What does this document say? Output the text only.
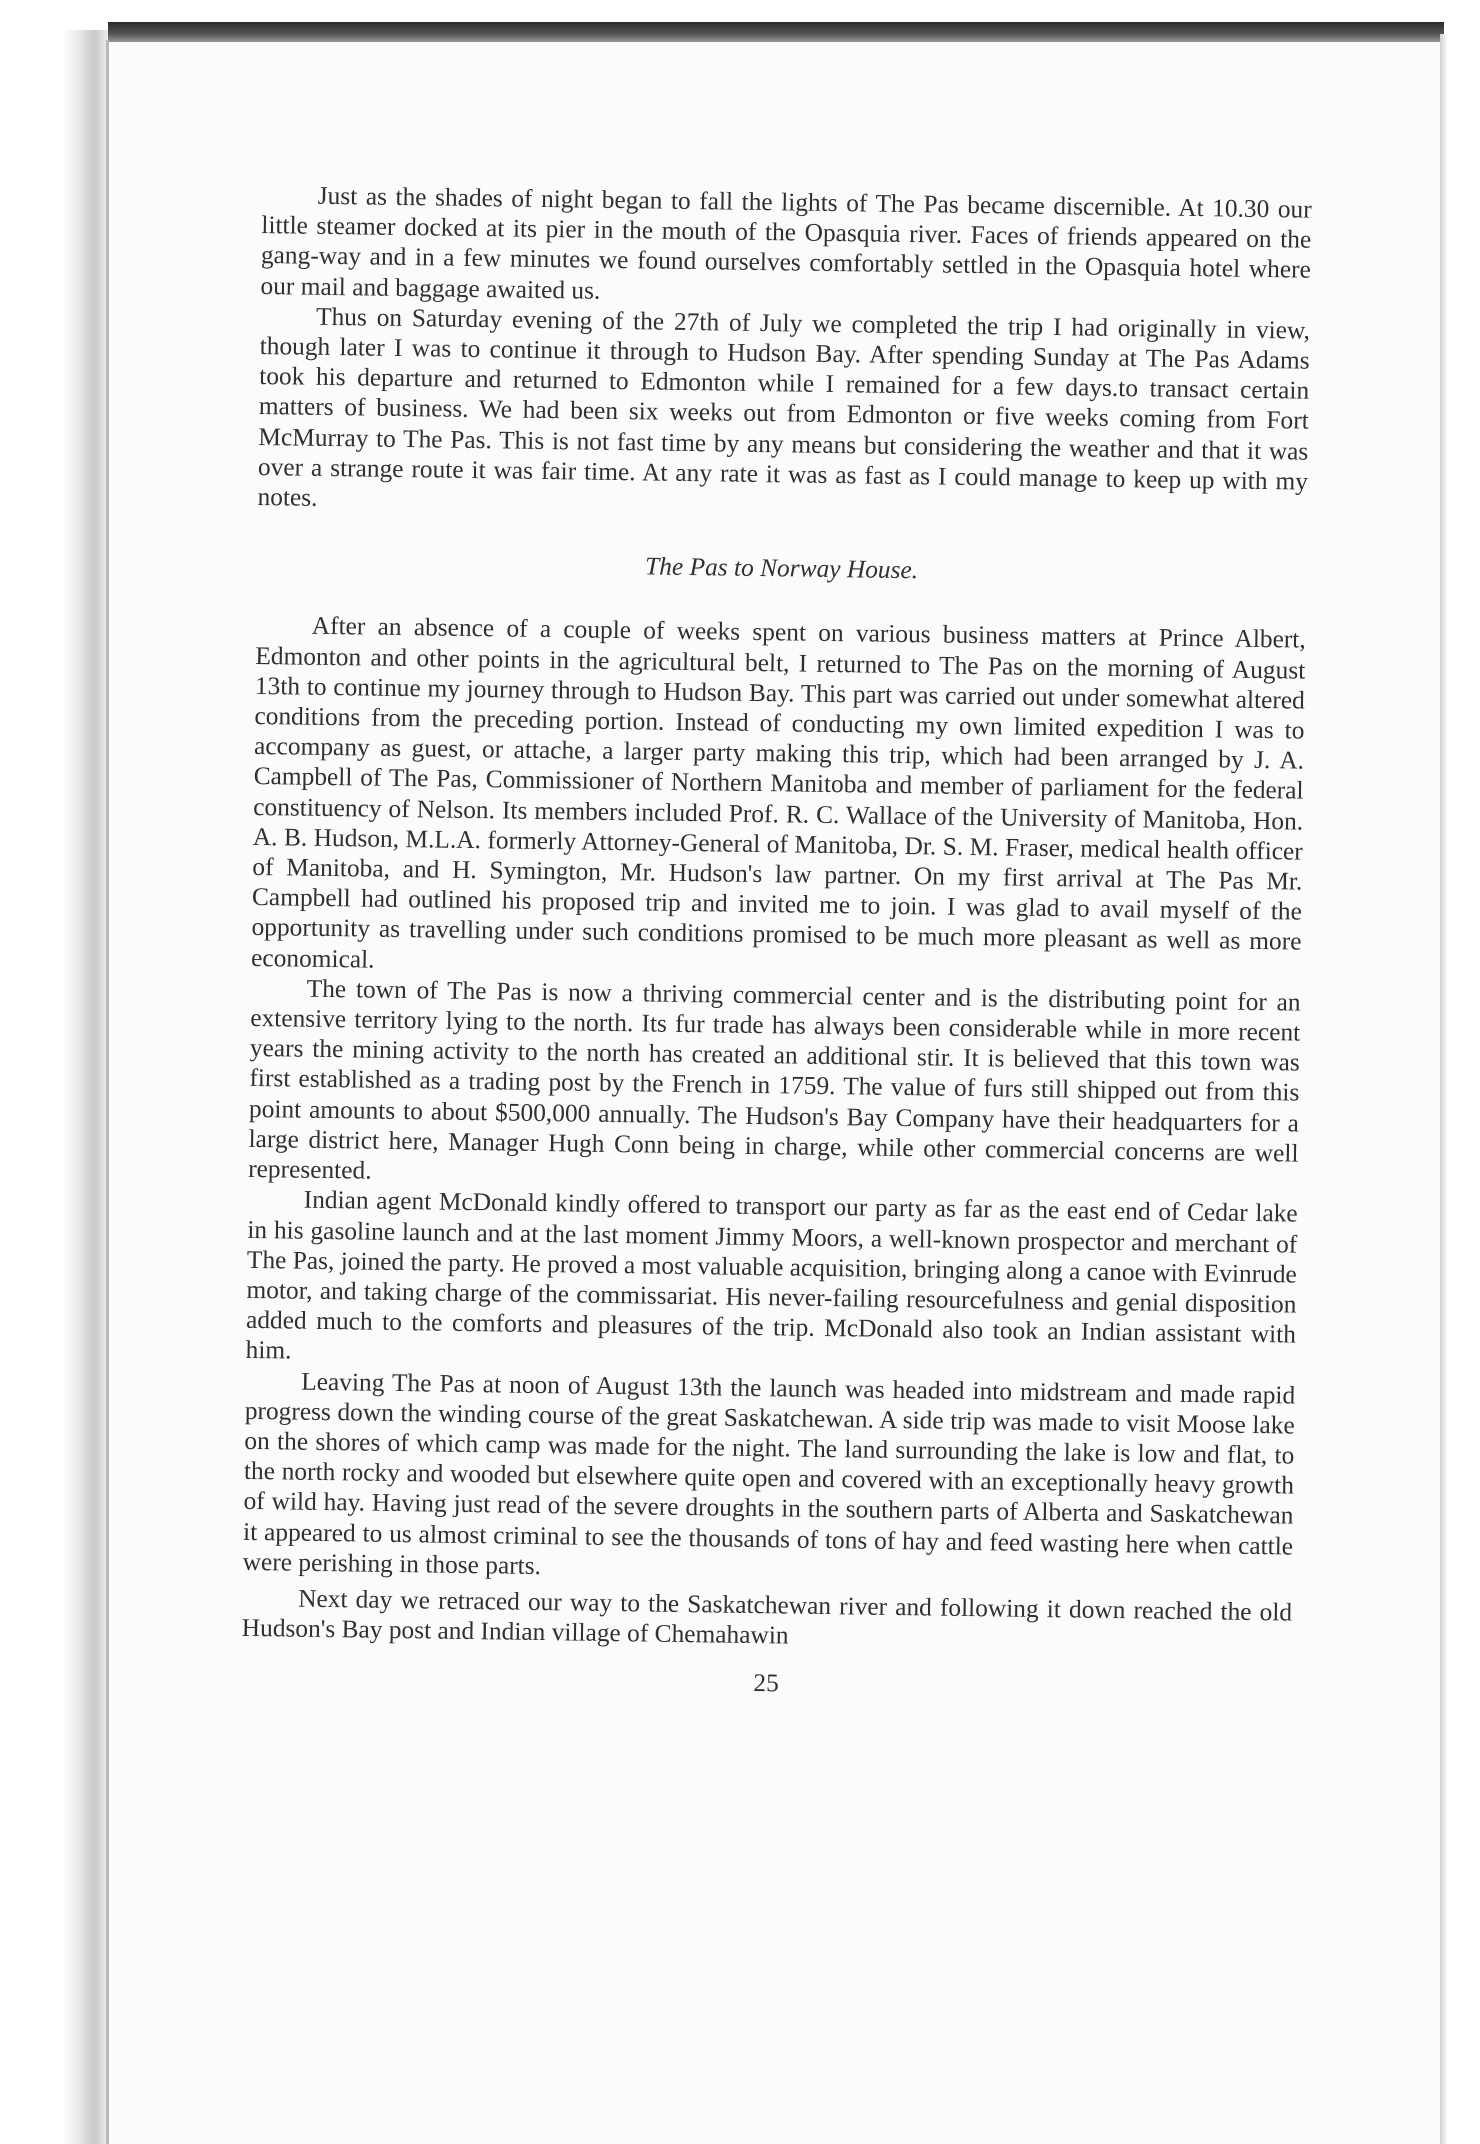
Just as the shades of night began to fall the lights of The Pas became discernible. At 10.30 our little steamer docked at its pier in the mouth of the Opasquia river. Faces of friends appeared on the gang-way and in a few minutes we found ourselves comfortably settled in the Opasquia hotel where our mail and baggage awaited us.

Thus on Saturday evening of the 27th of July we completed the trip I had originally in view, though later I was to continue it through to Hudson Bay. After spending Sunday at The Pas Adams took his departure and returned to Edmonton while I remained for a few days.to transact certain matters of business. We had been six weeks out from Edmonton or five weeks coming from Fort McMurray to The Pas. This is not fast time by any means but considering the weather and that it was over a strange route it was fair time. At any rate it was as fast as I could manage to keep up with my notes.

The Pas to Norway House.

After an absence of a couple of weeks spent on various business matters at Prince Albert, Edmonton and other points in the agricultural belt, I returned to The Pas on the morning of August 13th to continue my journey through to Hudson Bay. This part was carried out under somewhat altered conditions from the preceding portion. Instead of conducting my own limited expedition I was to accompany as guest, or attache, a larger party making this trip, which had been arranged by J. A. Campbell of The Pas, Commissioner of Northern Manitoba and member of parliament for the federal constituency of Nelson. Its members included Prof. R. C. Wallace of the University of Manitoba, Hon. A. B. Hudson, M.L.A. formerly Attorney-General of Manitoba, Dr. S. M. Fraser, medical health officer of Manitoba, and H. Symington, Mr. Hudson's law partner. On my first arrival at The Pas Mr. Campbell had outlined his proposed trip and invited me to join. I was glad to avail myself of the opportunity as travelling under such conditions promised to be much more pleasant as well as more economical.

The town of The Pas is now a thriving commercial center and is the distributing point for an extensive territory lying to the north. Its fur trade has always been considerable while in more recent years the mining activity to the north has created an additional stir. It is believed that this town was first established as a trading post by the French in 1759. The value of furs still shipped out from this point amounts to about $500,000 annually. The Hudson's Bay Company have their headquarters for a large district here, Manager Hugh Conn being in charge, while other commercial concerns are well represented.

Indian agent McDonald kindly offered to transport our party as far as the east end of Cedar lake in his gasoline launch and at the last moment Jimmy Moors, a well-known prospector and merchant of The Pas, joined the party. He proved a most valuable acquisition, bringing along a canoe with Evinrude motor, and taking charge of the commissariat. His never-failing resourcefulness and genial disposition added much to the comforts and pleasures of the trip. McDonald also took an Indian assistant with him.

Leaving The Pas at noon of August 13th the launch was headed into midstream and made rapid progress down the winding course of the great Saskatchewan. A side trip was made to visit Moose lake on the shores of which camp was made for the night. The land surrounding the lake is low and flat, to the north rocky and wooded but elsewhere quite open and covered with an exceptionally heavy growth of wild hay. Having just read of the severe droughts in the southern parts of Alberta and Saskatchewan it appeared to us almost criminal to see the thousands of tons of hay and feed wasting here when cattle were perishing in those parts.

Next day we retraced our way to the Saskatchewan river and following it down reached the old Hudson's Bay post and Indian village of Chemahawin

25
